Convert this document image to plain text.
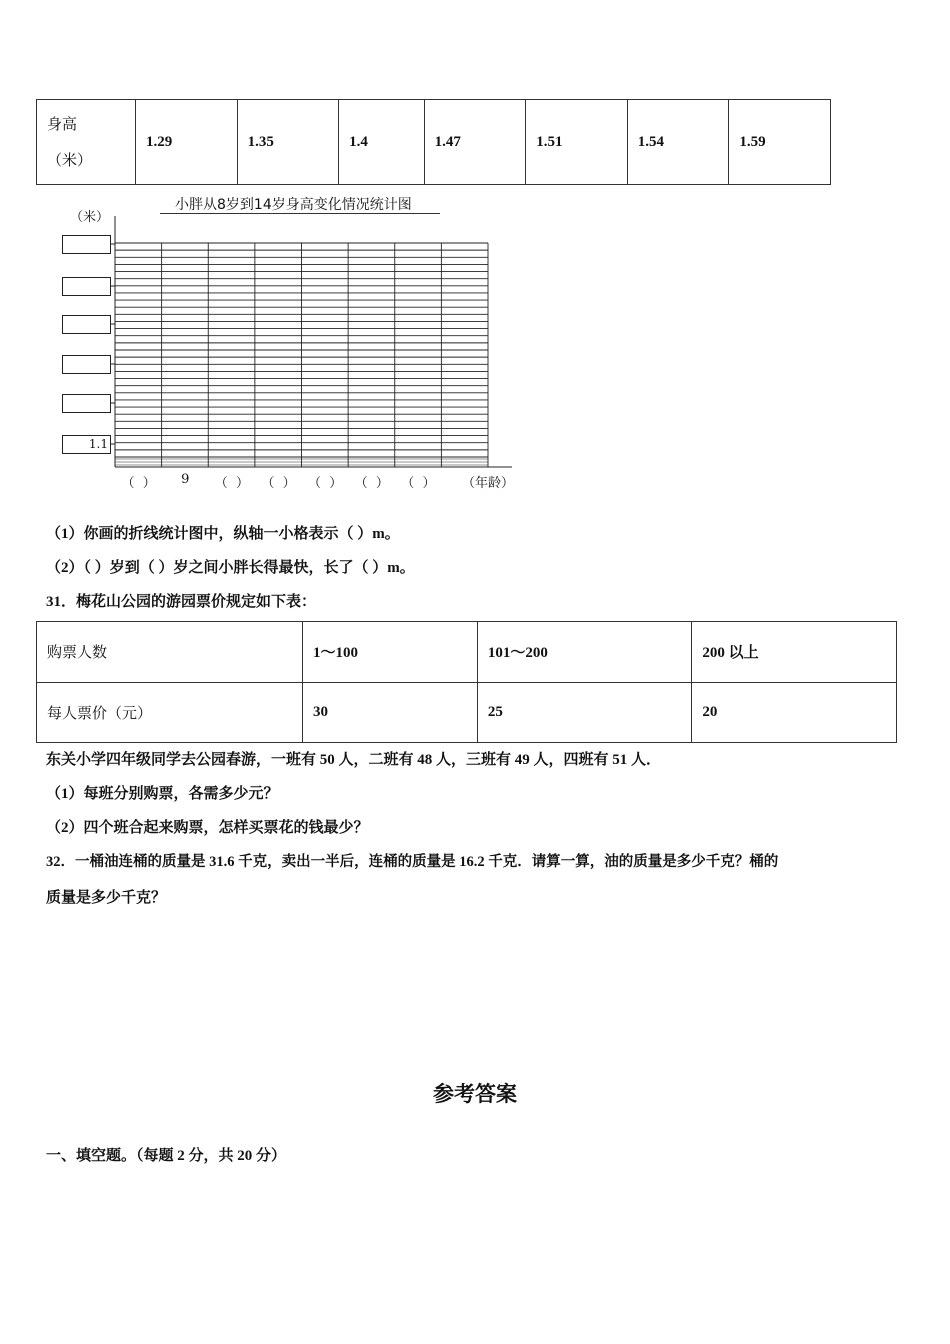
身高
（米）	1.29	1.35	1.4	1.47	1.51	1.54	1.59
小胖从8岁到14岁身高变化情况统计图
（米）
1.1
（  ）	9	（  ） （  ） （  ） （  ） （  ）	（年龄）
（1）你画的折线统计图中，纵轴一小格表示（ ）m。
（2）（ ）岁到（ ）岁之间小胖长得最快，长了（ ）m。
31．梅花山公园的游园票价规定如下表：
购票人数	1～100	101～200	200 以上
每人票价（元）	30	25	20
东关小学四年级同学去公园春游，一班有 50 人，二班有 48 人，三班有 49 人，四班有 51 人．
（1）每班分别购票，各需多少元？
（2）四个班合起来购票，怎样买票花的钱最少？
32．一桶油连桶的质量是 31.6 千克，卖出一半后，连桶的质量是 16.2 千克．请算一算，油的质量是多少千克？桶的
质量是多少千克？
参考答案
一、填空题。（每题 2 分，共 20 分）
